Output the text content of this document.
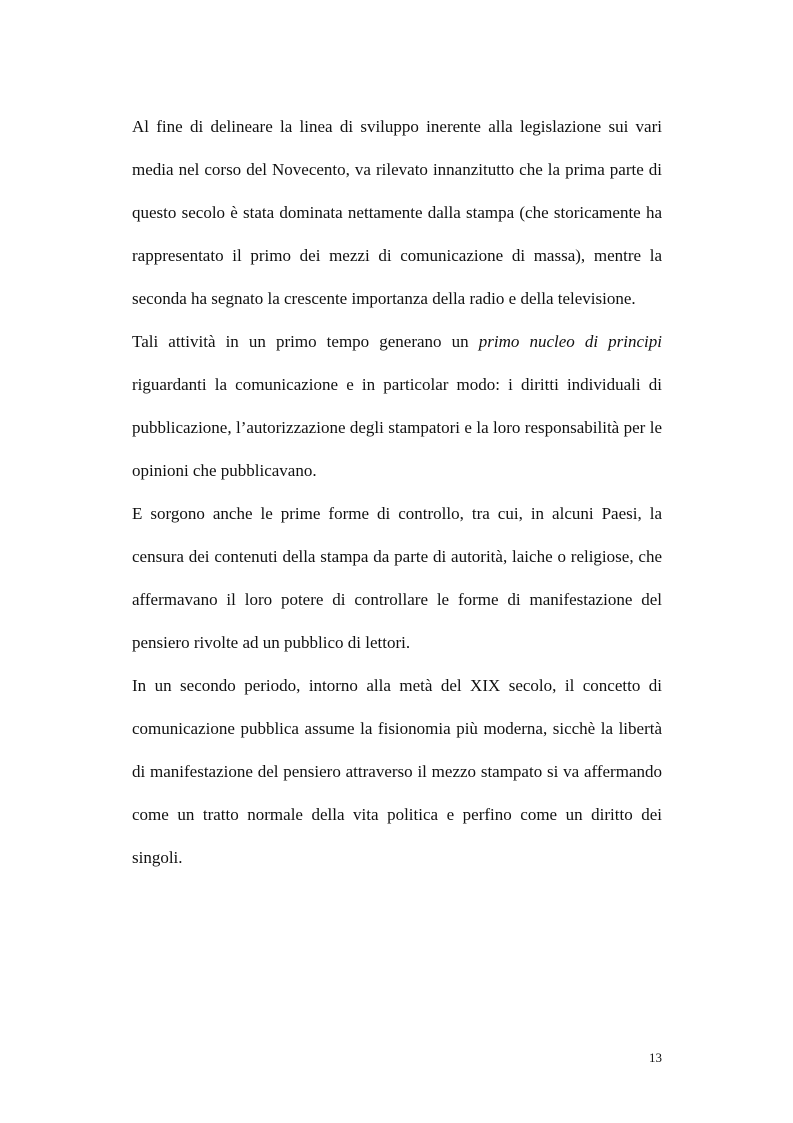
Al fine di delineare la linea di sviluppo inerente alla legislazione sui vari media nel corso del Novecento, va rilevato innanzitutto che la prima parte di questo secolo è stata dominata nettamente dalla stampa (che storicamente ha rappresentato il primo dei mezzi di comunicazione di massa), mentre la seconda ha segnato la crescente importanza della radio e della televisione.

Tali attività in un primo tempo generano un primo nucleo di principi riguardanti la comunicazione e in particolar modo: i diritti individuali di pubblicazione, l’autorizzazione degli stampatori e la loro responsabilità per le opinioni che pubblicavano.

E sorgono anche le prime forme di controllo, tra cui, in alcuni Paesi, la censura dei contenuti della stampa da parte di autorità, laiche o religiose, che affermavano il loro potere di controllare le forme di manifestazione del pensiero rivolte ad un pubblico di lettori.

In un secondo periodo, intorno alla metà del XIX secolo, il concetto di comunicazione pubblica assume la fisionomia più moderna, sicchè la libertà di manifestazione del pensiero attraverso il mezzo stampato si va affermando come un tratto normale della vita politica e perfino come un diritto dei singoli.

13
